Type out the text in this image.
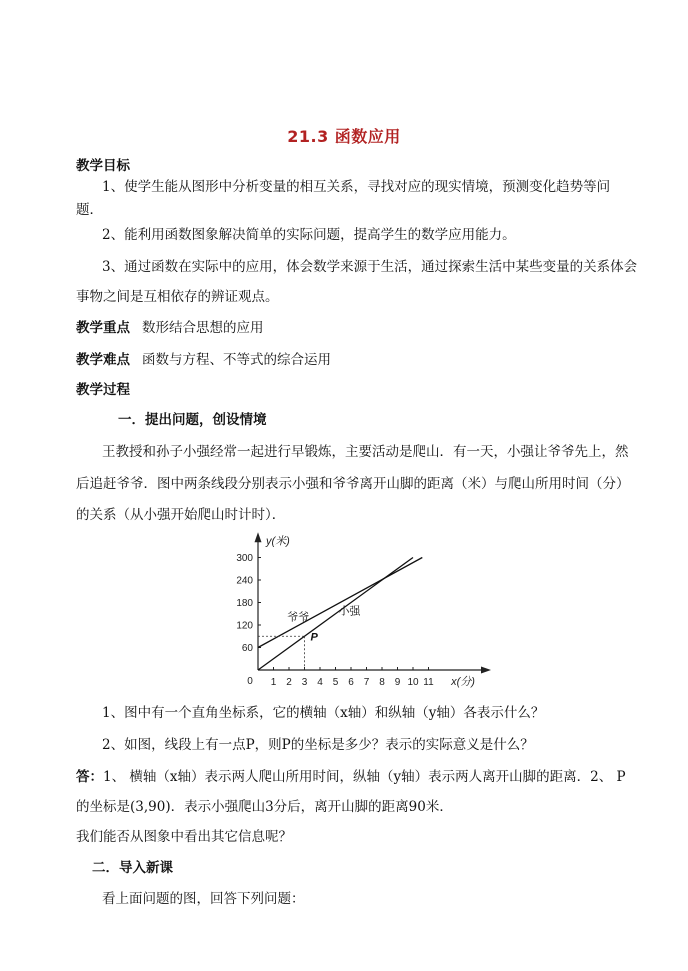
21.3 函数应用
教学目标
1、使学生能从图形中分析变量的相互关系，寻找对应的现实情境，预测变化趋势等问
题．
2、能利用函数图象解决简单的实际问题，提高学生的数学应用能力。
3、通过函数在实际中的应用，体会数学来源于生活，通过探索生活中某些变量的关系体会
事物之间是互相依存的辨证观点。
教学重点 数形结合思想的应用
教学难点 函数与方程、不等式的综合运用
教学过程
一．提出问题，创设情境
王教授和孙子小强经常一起进行早锻炼，主要活动是爬山．有一天，小强让爷爷先上，然
后追赶爷爷．图中两条线段分别表示小强和爷爷离开山脚的距离（米）与爬山所用时间（分）
的关系（从小强开始爬山时计时）．
1 2 3 4 5 6 7 8 9 10 11
60
120
180
240
300
0	x(分)
y(米)
爷爷	小强
P
1、图中有一个直角坐标系，它的横轴（x轴）和纵轴（y轴）各表示什么？
2、如图，线段上有一点P，则P的坐标是多少？表示的实际意义是什么？
答：1、 横轴（x轴）表示两人爬山所用时间，纵轴（y轴）表示两人离开山脚的距离．2、 P
的坐标是(3,90)．表示小强爬山3分后，离开山脚的距离90米．
我们能否从图象中看出其它信息呢？
二．导入新课
看上面问题的图，回答下列问题：
